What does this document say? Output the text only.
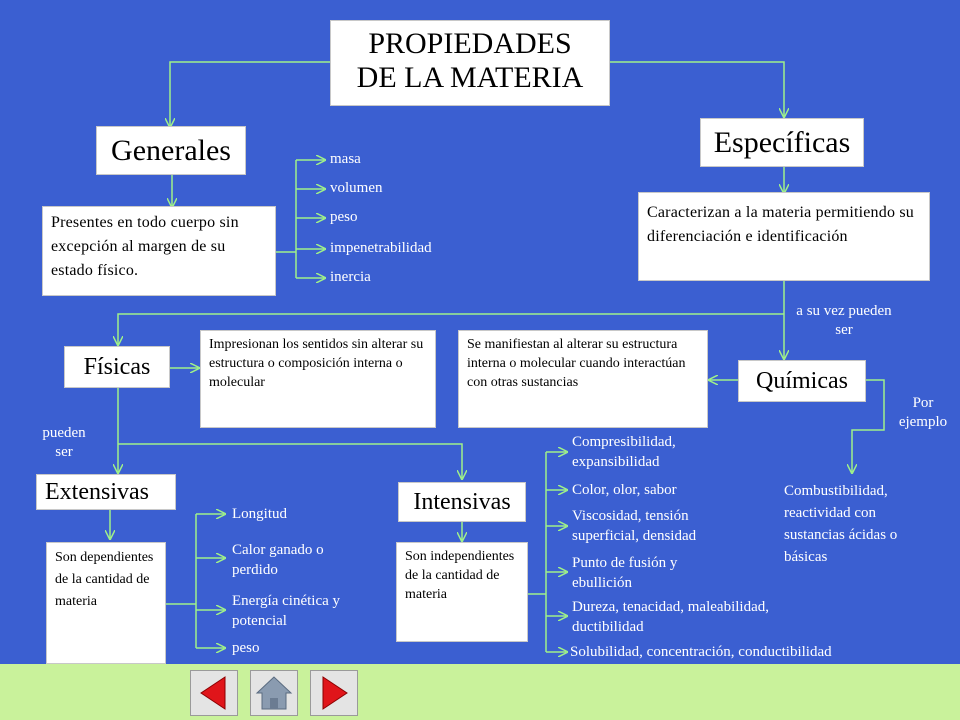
PROPIEDADES
DE LA MATERIA
Generales
Presentes en todo cuerpo sin excepción al margen de su estado físico.
masa
volumen
peso
impenetrabilidad
inercia
Específicas
Caracterizan a la materia permitiendo su diferenciación e identificación
a su vez pueden ser
Físicas
Impresionan los sentidos sin alterar su estructura o composición interna o molecular
pueden ser
Químicas
Se manifiestan al alterar su estructura interna o molecular cuando interactúan con otras sustancias
Por ejemplo
Combustibilidad, reactividad con sustancias ácidas o básicas
Extensivas
Son dependientes de la cantidad de materia
Longitud
Calor ganado o perdido
Energía cinética y potencial
peso
Intensivas
Son independientes de la cantidad de materia
Compresibilidad, expansibilidad
Color, olor, sabor
Viscosidad, tensión superficial, densidad
Punto de fusión y ebullición
Dureza, tenacidad, maleabilidad, ductibilidad
Solubilidad, concentración, conductibilidad
